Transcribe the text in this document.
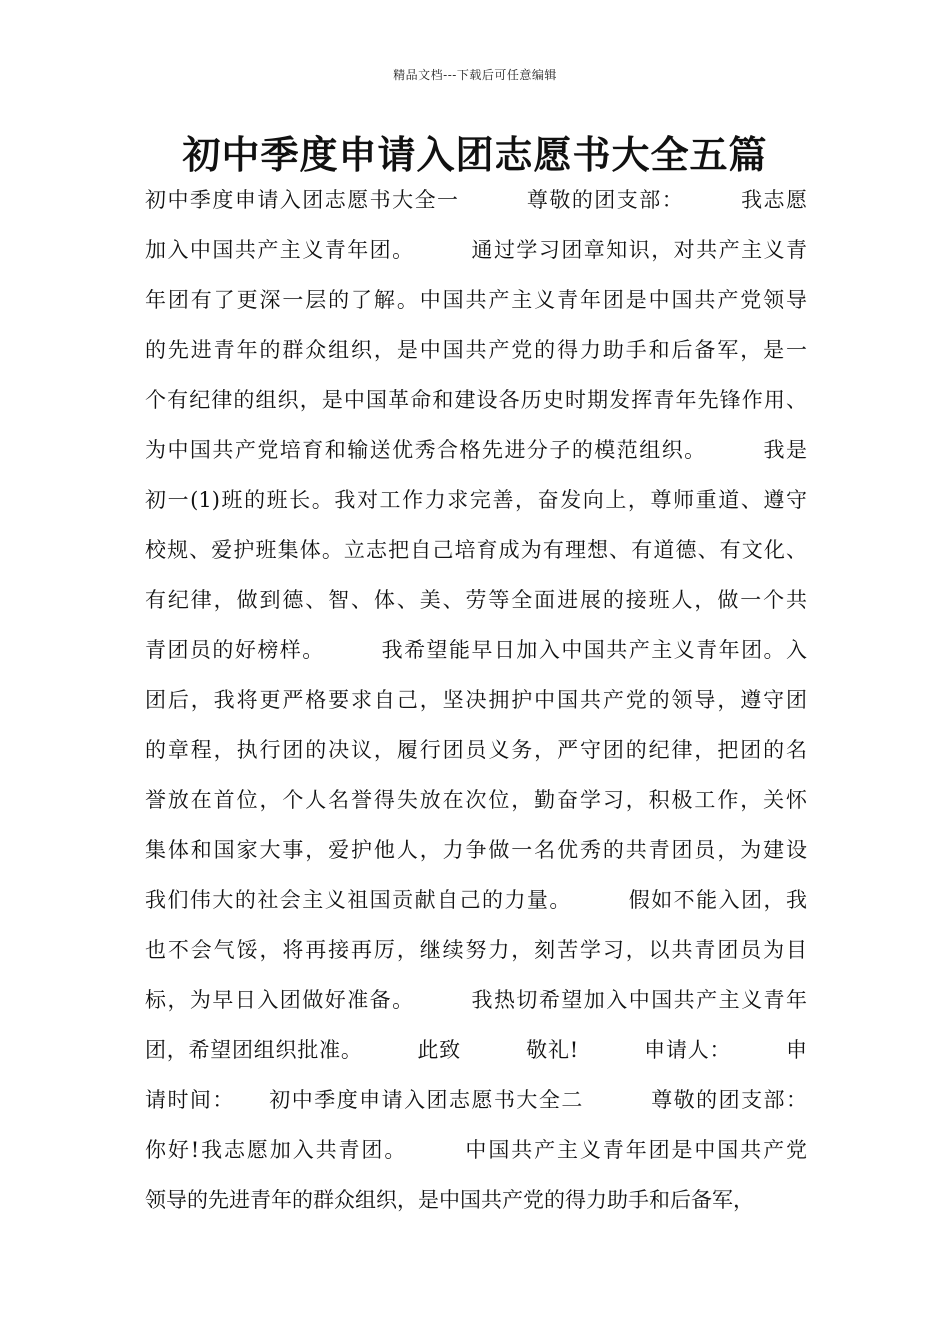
精品文档---下载后可任意编辑
初中季度申请入团志愿书大全五篇
初中季度申请入团志愿书大全一　　　尊敬的团支部：　　　我志愿
加入中国共产主义青年团。　　　通过学习团章知识，对共产主义青
年团有了更深一层的了解。中国共产主义青年团是中国共产党领导
的先进青年的群众组织，是中国共产党的得力助手和后备军，是一
个有纪律的组织，是中国革命和建设各历史时期发挥青年先锋作用、
为中国共产党培育和输送优秀合格先进分子的模范组织。　　　我是
初一(1)班的班长。我对工作力求完善，奋发向上，尊师重道、遵守
校规、爱护班集体。立志把自己培育成为有理想、有道德、有文化、
有纪律，做到德、智、体、美、劳等全面进展的接班人，做一个共
青团员的好榜样。　　　我希望能早日加入中国共产主义青年团。入
团后，我将更严格要求自己，坚决拥护中国共产党的领导，遵守团
的章程，执行团的决议，履行团员义务，严守团的纪律，把团的名
誉放在首位，个人名誉得失放在次位，勤奋学习，积极工作，关怀
集体和国家大事，爱护他人，力争做一名优秀的共青团员，为建设
我们伟大的社会主义祖国贡献自己的力量。　　　假如不能入团，我
也不会气馁，将再接再厉，继续努力，刻苦学习，以共青团员为目
标，为早日入团做好准备。　　　我热切希望加入中国共产主义青年
团，希望团组织批准。　　　此致　　　敬礼!　　　申请人：　　　申
请时间：　　初中季度申请入团志愿书大全二　　　尊敬的团支部：
你好!我志愿加入共青团。　　　中国共产主义青年团是中国共产党
领导的先进青年的群众组织，是中国共产党的得力助手和后备军，
